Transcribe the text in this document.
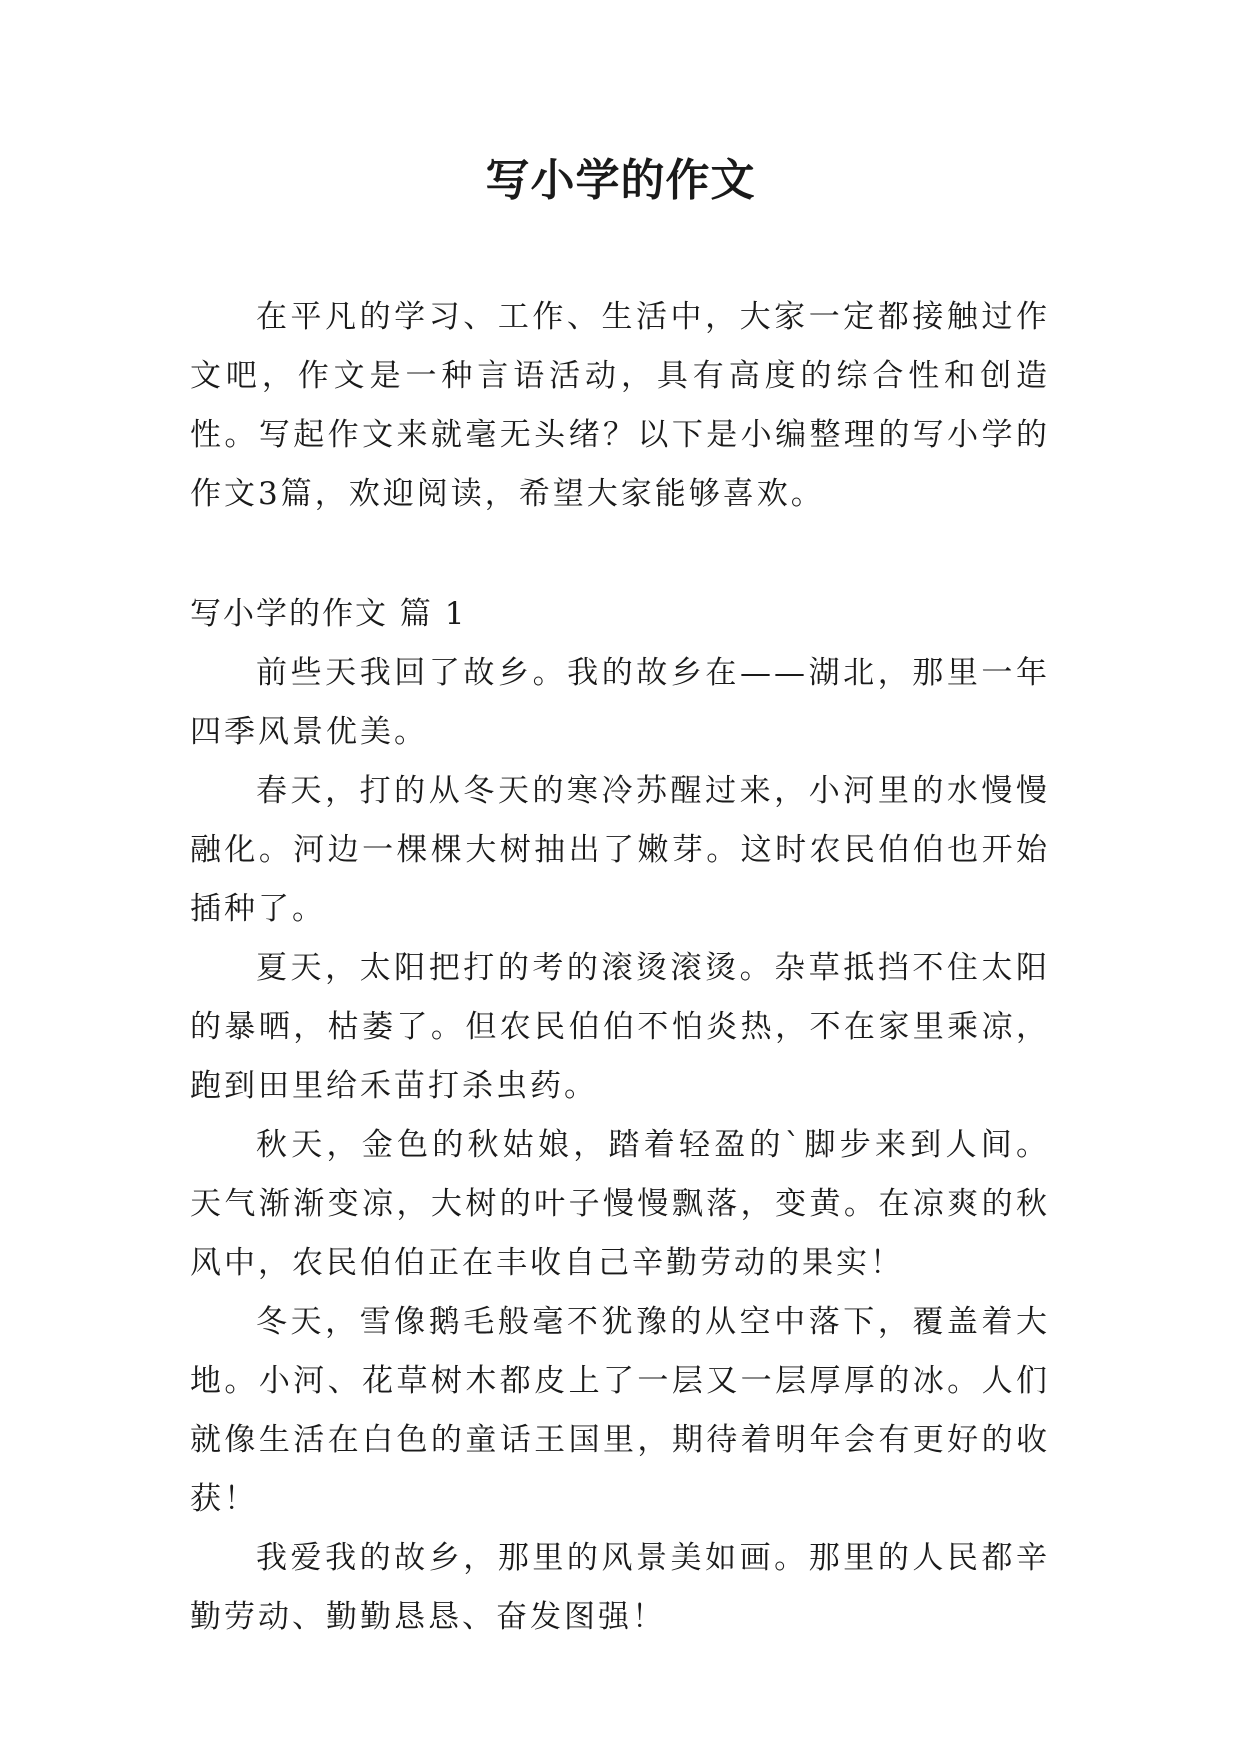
写小学的作文

在平凡的学习、工作、生活中，大家一定都接触过作文吧，作文是一种言语活动，具有高度的综合性和创造性。写起作文来就毫无头绪？以下是小编整理的写小学的作文3篇，欢迎阅读，希望大家能够喜欢。

写小学的作文 篇 1

前些天我回了故乡。我的故乡在——湖北，那里一年四季风景优美。

春天，打的从冬天的寒冷苏醒过来，小河里的水慢慢融化。河边一棵棵大树抽出了嫩芽。这时农民伯伯也开始插种了。

夏天，太阳把打的考的滚烫滚烫。杂草抵挡不住太阳的暴晒，枯萎了。但农民伯伯不怕炎热，不在家里乘凉，跑到田里给禾苗打杀虫药。

秋天，金色的秋姑娘，踏着轻盈的`脚步来到人间。天气渐渐变凉，大树的叶子慢慢飘落，变黄。在凉爽的秋风中，农民伯伯正在丰收自己辛勤劳动的果实！

冬天，雪像鹅毛般毫不犹豫的从空中落下，覆盖着大地。小河、花草树木都皮上了一层又一层厚厚的冰。人们就像生活在白色的童话王国里，期待着明年会有更好的收获！

我爱我的故乡，那里的风景美如画。那里的人民都辛勤劳动、勤勤恳恳、奋发图强！
